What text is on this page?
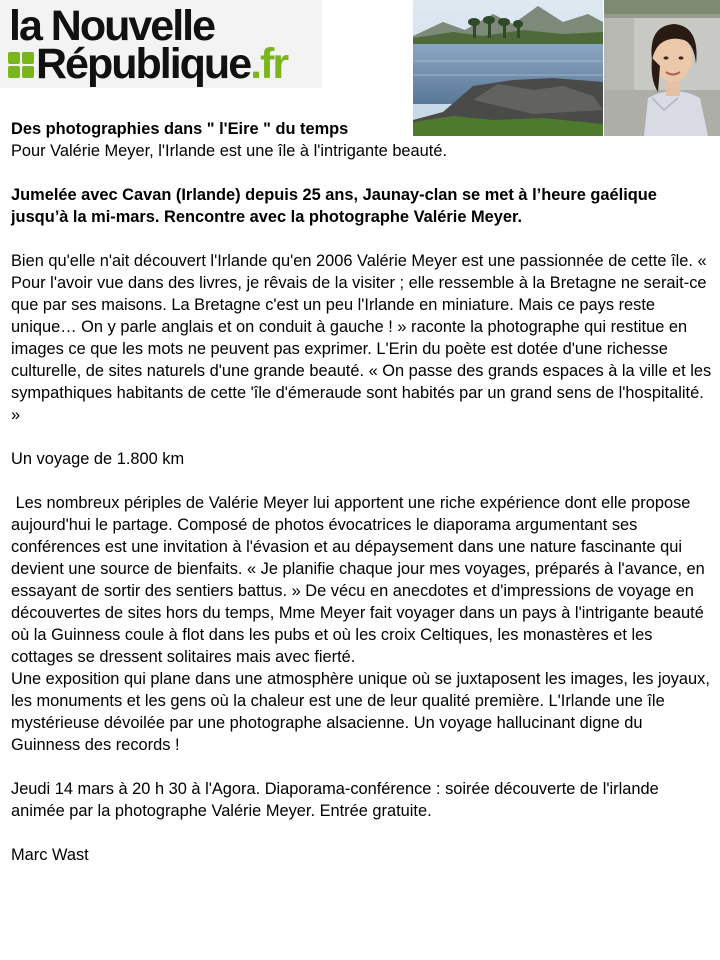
la Nouvelle
République.fr

Des photographies dans " l'Eire " du temps

Pour Valérie Meyer, l'Irlande est une île à l'intrigante beauté.

Jumelée avec Cavan (Irlande) depuis 25 ans, Jaunay-clan se met à l’heure gaélique jusqu’à la mi-mars. Rencontre avec la photographe Valérie Meyer.

Bien qu'elle n'ait découvert l'Irlande qu'en 2006 Valérie Meyer est une passionnée de cette île. « Pour l'avoir vue dans des livres, je rêvais de la visiter ; elle ressemble à la Bretagne ne serait-ce que par ses maisons. La Bretagne c'est un peu l'Irlande en miniature. Mais ce pays reste unique… On y parle anglais et on conduit à gauche ! » raconte la photographe qui restitue en images ce que les mots ne peuvent pas exprimer. L'Erin du poète est dotée d'une richesse culturelle, de sites naturels d'une grande beauté. « On passe des grands espaces à la ville et les sympathiques habitants de cette 'île d'émeraude sont habités par un grand sens de l'hospitalité. »

Un voyage de 1.800 km

Les nombreux périples de Valérie Meyer lui apportent une riche expérience dont elle propose aujourd'hui le partage. Composé de photos évocatrices le diaporama argumentant ses conférences est une invitation à l'évasion et au dépaysement dans une nature fascinante qui devient une source de bienfaits. « Je planifie chaque jour mes voyages, préparés à l'avance, en essayant de sortir des sentiers battus. » De vécu en anecdotes et d'impressions de voyage en découvertes de sites hors du temps, Mme Meyer fait voyager dans un pays à l'intrigante beauté où la Guinness coule à flot dans les pubs et où les croix Celtiques, les monastères et les cottages se dressent solitaires mais avec fierté.

Une exposition qui plane dans une atmosphère unique où se juxtaposent les images, les joyaux, les monuments et les gens où la chaleur est une de leur qualité première. L'Irlande une île mystérieuse dévoilée par une photographe alsacienne. Un voyage hallucinant digne du Guinness des records !

Jeudi 14 mars à 20 h 30 à l'Agora. Diaporama-conférence : soirée découverte de l'irlande animée par la photographe Valérie Meyer. Entrée gratuite.

Marc Wast
